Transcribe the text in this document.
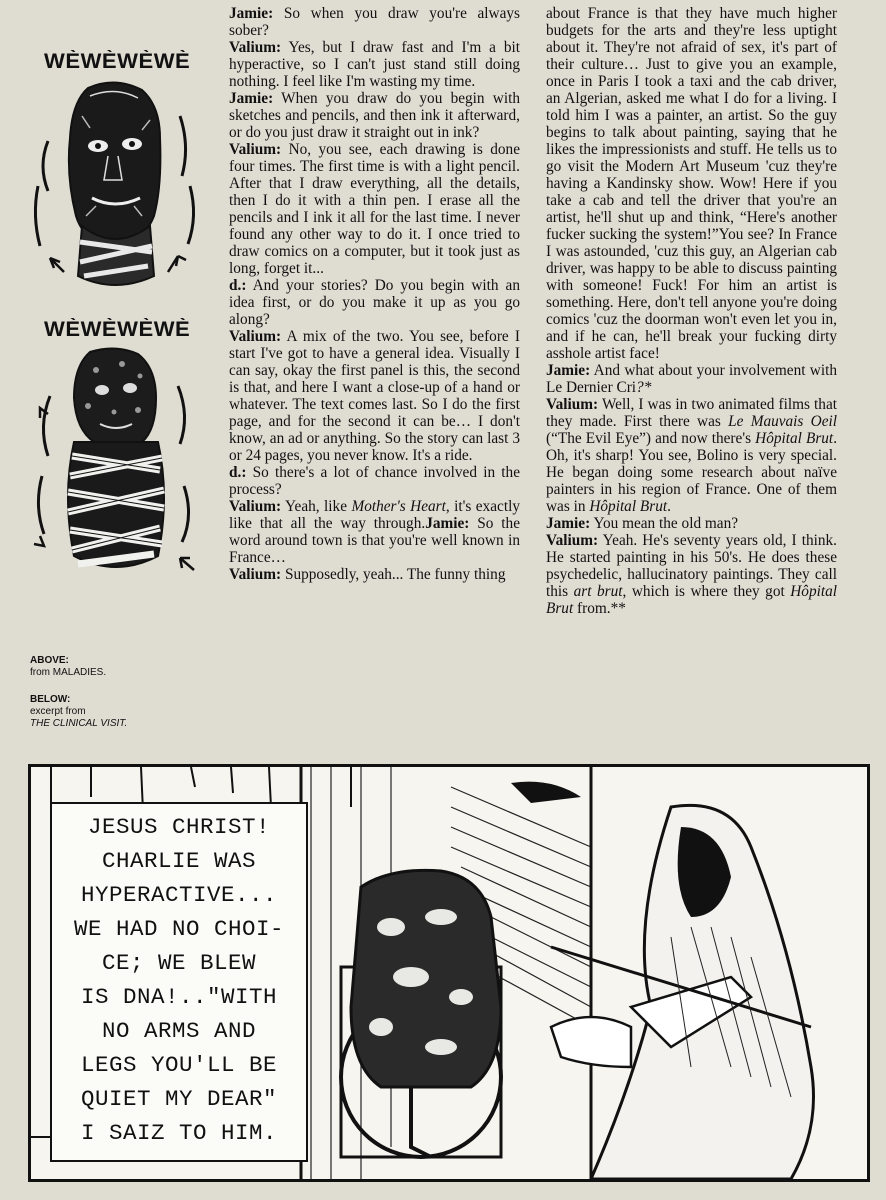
WÈWÈWÈWÈ
WÈWÈWÈWÈ
ABOVE:
from MALADIES.
BELOW:
excerpt from
THE CLINICAL VISIT.

Jamie: So when you draw you're always sober?

Valium: Yes, but I draw fast and I'm a bit hyperactive, so I can't just stand still doing nothing. I feel like I'm wasting my time.

Jamie: When you draw do you begin with sketches and pencils, and then ink it afterward, or do you just draw it straight out in ink?

Valium: No, you see, each drawing is done four times. The first time is with a light pencil. After that I draw everything, all the details, then I do it with a thin pen. I erase all the pencils and I ink it all for the last time. I never found any other way to do it. I once tried to draw comics on a computer, but it took just as long, forget it...

d.: And your stories? Do you begin with an idea first, or do you make it up as you go along?

Valium: A mix of the two. You see, before I start I've got to have a general idea. Visually I can say, okay the first panel is this, the second is that, and here I want a close-up of a hand or whatever. The text comes last. So I do the first page, and for the second it can be… I don't know, an ad or anything. So the story can last 3 or 24 pages, you never know. It's a ride.

d.: So there's a lot of chance involved in the process?

Valium: Yeah, like Mother's Heart, it's exactly like that all the way through.Jamie: So the word around town is that you're well known in France…

Valium: Supposedly, yeah... The funny thing

about France is that they have much higher budgets for the arts and they're less uptight about it. They're not afraid of sex, it's part of their culture… Just to give you an example, once in Paris I took a taxi and the cab driver, an Algerian, asked me what I do for a living. I told him I was a painter, an artist. So the guy begins to talk about painting, saying that he likes the impressionists and stuff. He tells us to go visit the Modern Art Museum 'cuz they're having a Kandinsky show. Wow! Here if you take a cab and tell the driver that you're an artist, he'll shut up and think, “Here's another fucker sucking the system!”You see? In France I was astounded, 'cuz this guy, an Algerian cab driver, was happy to be able to discuss painting with someone! Fuck! For him an artist is something. Here, don't tell anyone you're doing comics 'cuz the doorman won't even let you in, and if he can, he'll break your fucking dirty asshole artist face!

Jamie: And what about your involvement with Le Dernier Cri?*

Valium: Well, I was in two animated films that they made. First there was Le Mauvais Oeil (“The Evil Eye”) and now there's Hôpital Brut. Oh, it's sharp! You see, Bolino is very special. He began doing some research about naïve painters in his region of France. One of them was in Hôpital Brut.

Jamie: You mean the old man?

Valium: Yeah. He's seventy years old, I think. He started painting in his 50's. He does these psychedelic, hallucinatory paintings. They call this art brut, which is where they got Hôpital Brut from.**

JESUS CHRIST!
CHARLIE WAS
HYPERACTIVE...
WE HAD NO CHOI-
CE; WE BLEW
IS DNA!.."WITH
NO ARMS AND
LEGS YOU'LL BE
QUIET MY DEAR"
I SAIZ TO HIM.
